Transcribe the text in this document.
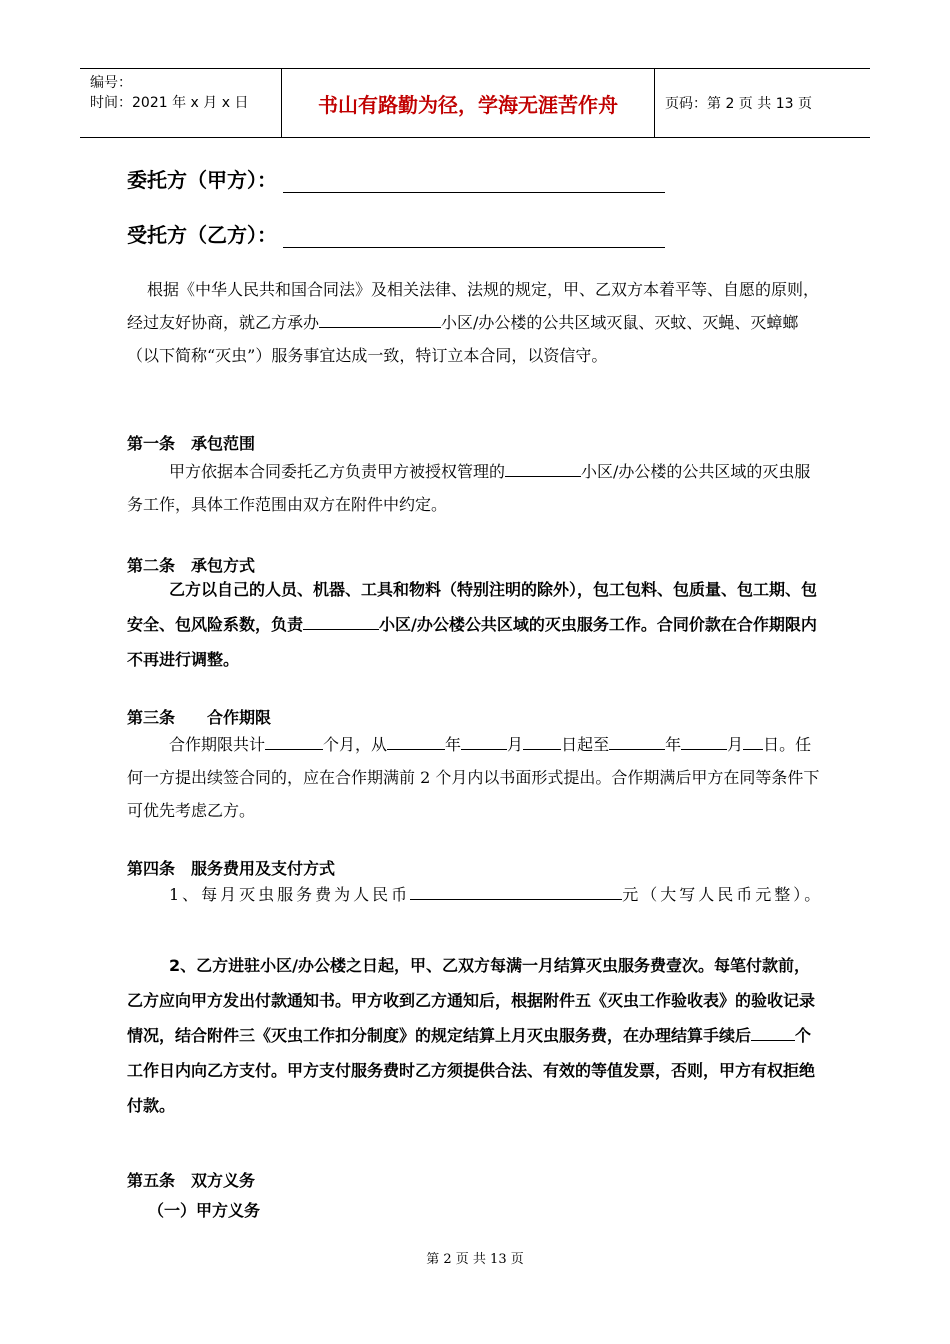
编号：
时间：2021 年 x 月 x 日	书山有路勤为径，学海无涯苦作舟	页码：第 2 页 共 13 页
委托方（甲方）：
受托方（乙方）：
根据《中华人民共和国合同法》及相关法律、法规的规定，甲、乙双方本着平等、自愿的原则，经过友好协商，就乙方承办	小区/办公楼的公共区域灭鼠、灭蚊、灭蝇、灭蟑螂（以下简称“灭虫”）服务事宜达成一致，特订立本合同，以资信守。
第一条　承包范围
甲方依据本合同委托乙方负责甲方被授权管理的	小区/办公楼的公共区域的灭虫服务工作，具体工作范围由双方在附件中约定。
第二条　承包方式
乙方以自己的人员、机器、工具和物料（特别注明的除外），包工包料、包质量、包工期、包安全、包风险系数，负责	小区/办公楼公共区域的灭虫服务工作。合同价款在合作期限内不再进行调整。
第三条　　合作期限
合作期限共计	个月，从	年	月 日起至	年	月 日。任何一方提出续签合同的，应在合作期满前 2 个月内以书面形式提出。合作期满后甲方在同等条件下可优先考虑乙方。
第四条　服务费用及支付方式
1、每月灭虫服务费为人民币	元（大写人民币元整）。
2、乙方进驻小区/办公楼之日起，甲、乙双方每满一月结算灭虫服务费壹次。每笔付款前，乙方应向甲方发出付款通知书。甲方收到乙方通知后，根据附件五《灭虫工作验收表》的验收记录情况，结合附件三《灭虫工作扣分制度》的规定结算上月灭虫服务费，在办理结算手续后	个工作日内向乙方支付。甲方支付服务费时乙方须提供合法、有效的等值发票，否则，甲方有权拒绝付款。
第五条　双方义务
（一）甲方义务
第 2 页 共 13 页
